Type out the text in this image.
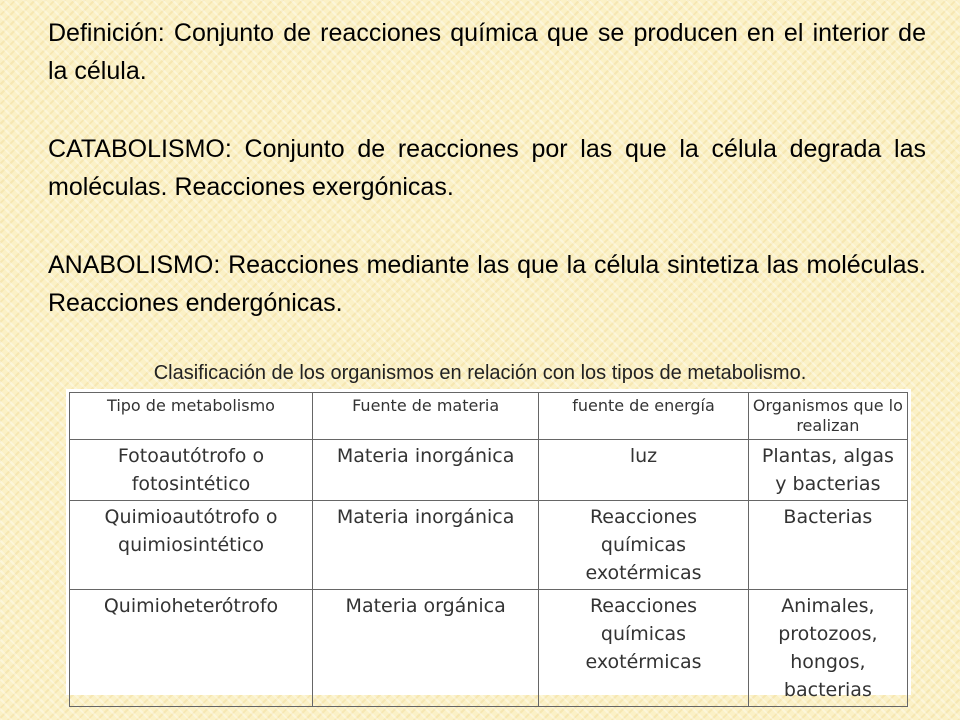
Definición: Conjunto de reacciones química que se producen en el interior de la célula.
CATABOLISMO: Conjunto de reacciones por las que la célula degrada las moléculas. Reacciones exergónicas.
ANABOLISMO: Reacciones mediante las que la célula sintetiza las moléculas. Reacciones endergónicas.
Clasificación de los organismos en relación con los tipos de metabolismo.
Tipo de metabolismo	Fuente de materia	fuente de energía	Organismos que lo realizan
Fotoautótrofo o fotosintético	Materia inorgánica	luz	Plantas, algas y bacterias
Quimioautótrofo o quimiosintético	Materia inorgánica	Reacciones químicas exotérmicas	Bacterias
Quimioheterótrofo	Materia orgánica	Reacciones químicas exotérmicas	Animales, protozoos, hongos, bacterias
